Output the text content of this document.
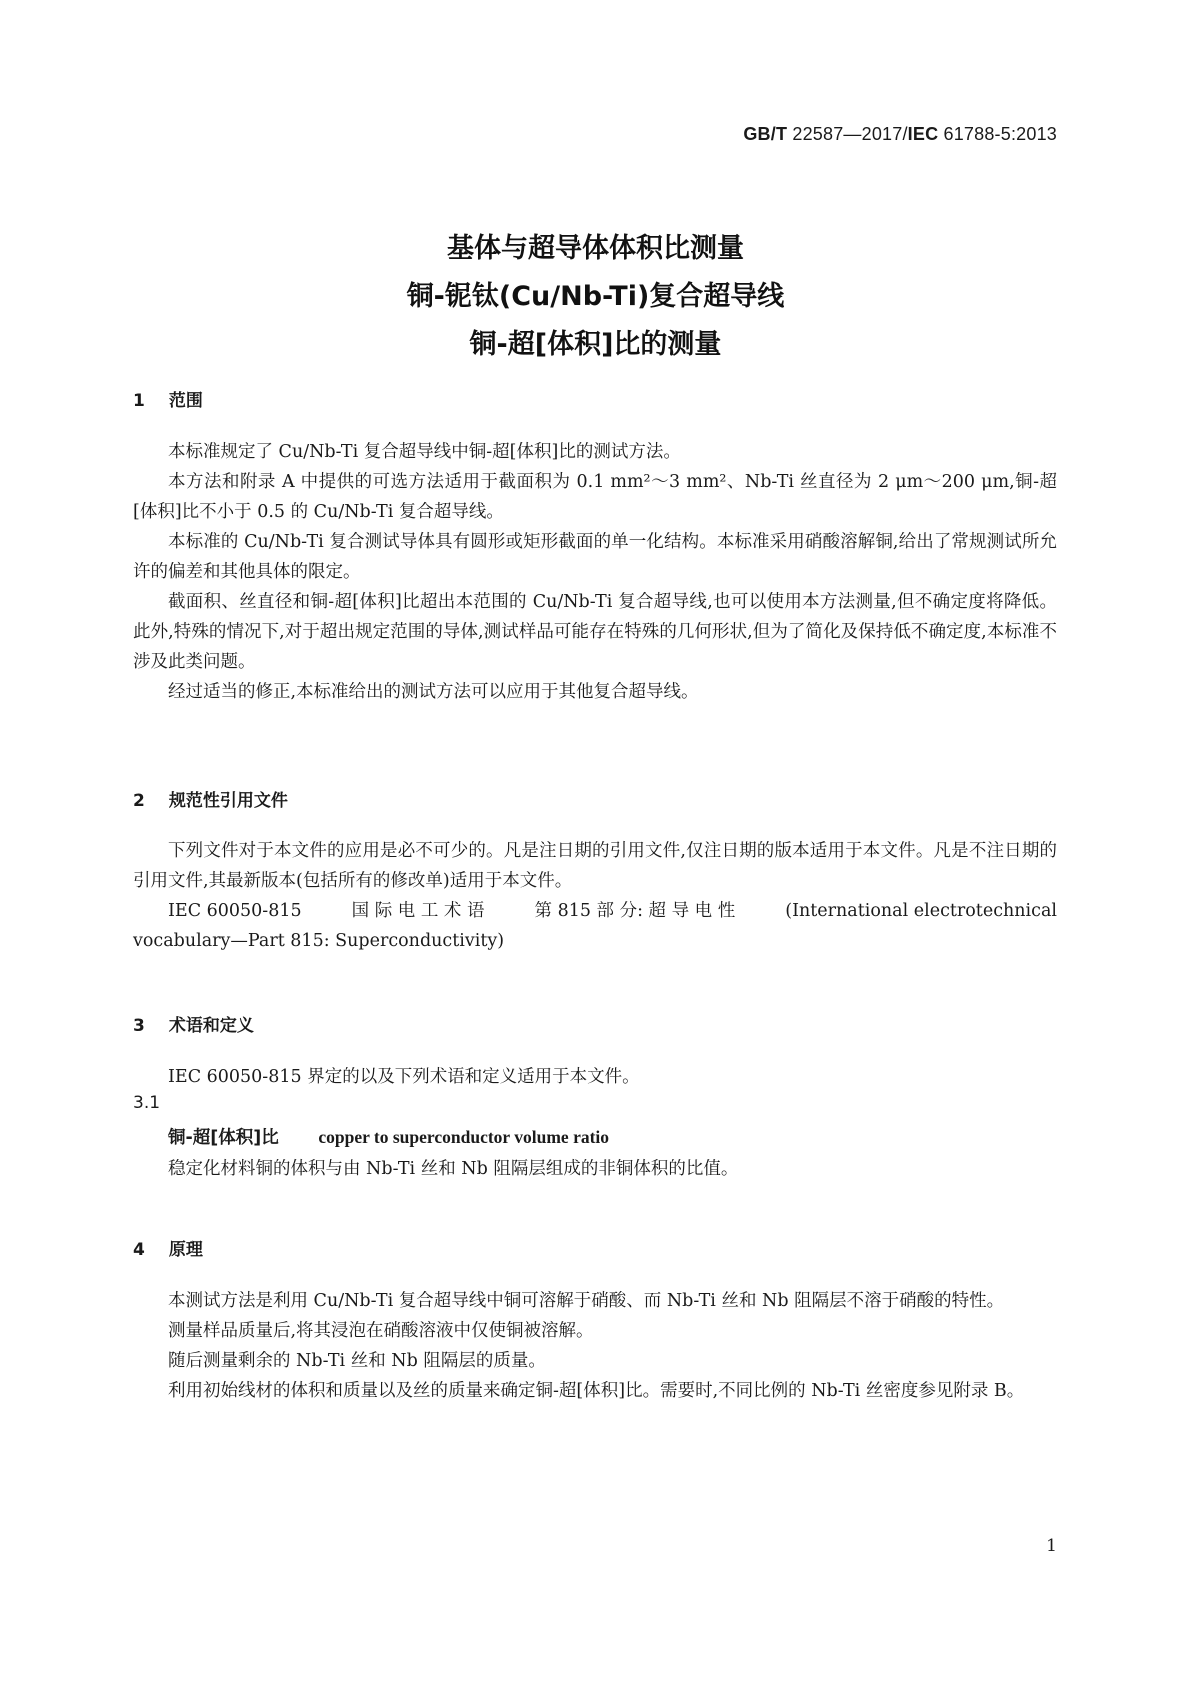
GB/T 22587—2017/IEC 61788-5:2013
基体与超导体体积比测量
铜-铌钛(Cu/Nb-Ti)复合超导线
铜-超[体积]比的测量
1 范围

本标准规定了 Cu/Nb-Ti 复合超导线中铜-超[体积]比的测试方法。

本方法和附录 A 中提供的可选方法适用于截面积为 0.1 mm²～3 mm²、Nb-Ti 丝直径为 2 μm～200 μm,铜-超[体积]比不小于 0.5 的 Cu/Nb-Ti 复合超导线。

本标准的 Cu/Nb-Ti 复合测试导体具有圆形或矩形截面的单一化结构。本标准采用硝酸溶解铜,给出了常规测试所允许的偏差和其他具体的限定。

截面积、丝直径和铜-超[体积]比超出本范围的 Cu/Nb-Ti 复合超导线,也可以使用本方法测量,但不确定度将降低。此外,特殊的情况下,对于超出规定范围的导体,测试样品可能存在特殊的几何形状,但为了简化及保持低不确定度,本标准不涉及此类问题。

经过适当的修正,本标准给出的测试方法可以应用于其他复合超导线。

2 规范性引用文件

下列文件对于本文件的应用是必不可少的。凡是注日期的引用文件,仅注日期的版本适用于本文件。凡是不注日期的引用文件,其最新版本(包括所有的修改单)适用于本文件。

IEC 60050-815	国 际 电 工 术 语	第 815 部 分: 超 导 电 性	(International electrotechnical

vocabulary—Part 815: Superconductivity)

3 术语和定义

IEC 60050-815 界定的以及下列术语和定义适用于本文件。

3.1
铜-超[体积]比 copper to superconductor volume ratio

稳定化材料铜的体积与由 Nb-Ti 丝和 Nb 阻隔层组成的非铜体积的比值。

4 原理

本测试方法是利用 Cu/Nb-Ti 复合超导线中铜可溶解于硝酸、而 Nb-Ti 丝和 Nb 阻隔层不溶于硝酸的特性。

测量样品质量后,将其浸泡在硝酸溶液中仅使铜被溶解。

随后测量剩余的 Nb-Ti 丝和 Nb 阻隔层的质量。

利用初始线材的体积和质量以及丝的质量来确定铜-超[体积]比。需要时,不同比例的 Nb-Ti 丝密度参见附录 B。

1
